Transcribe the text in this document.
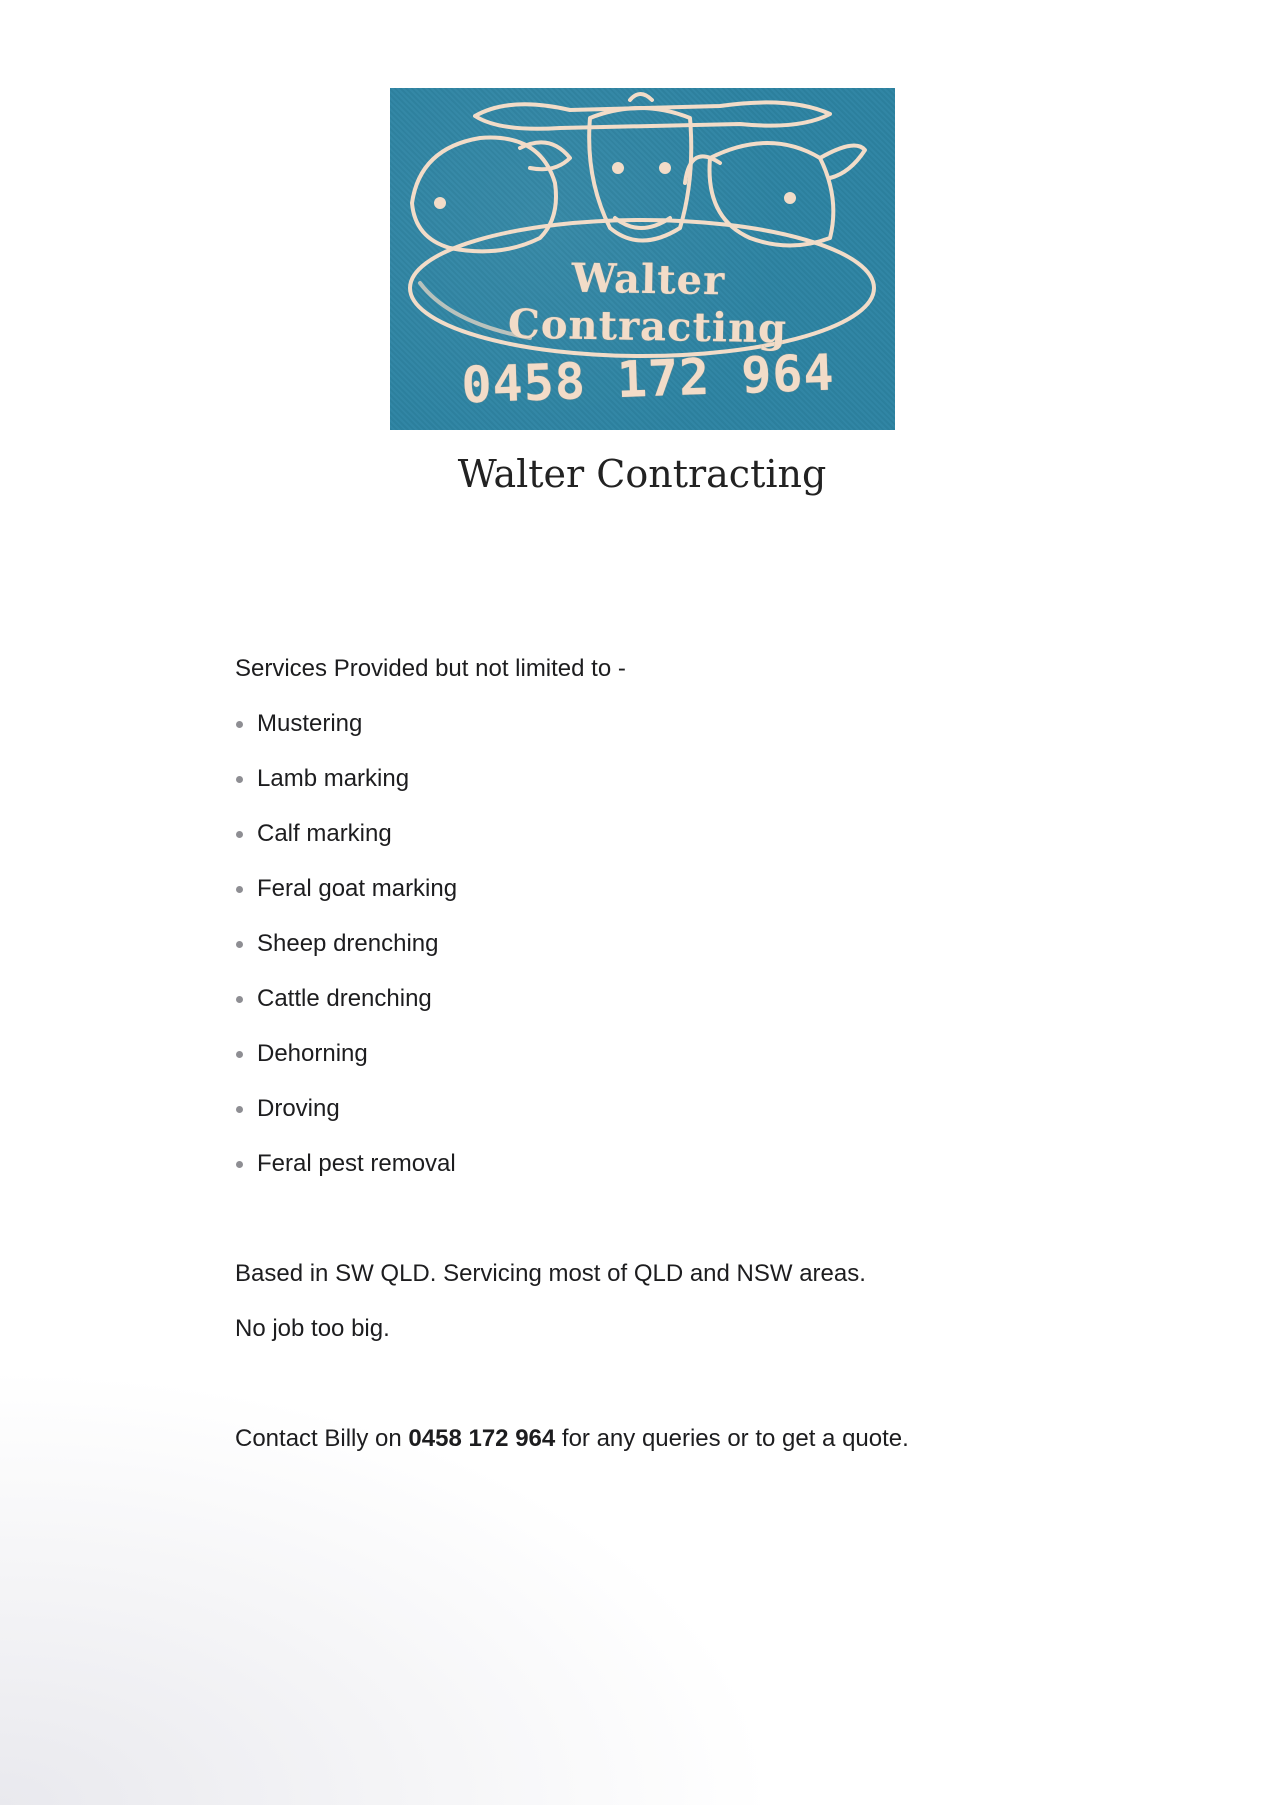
Walter Contracting
0458 172 964
Walter Contracting

Services Provided but not limited to -

Mustering
Lamb marking
Calf marking
Feral goat marking
Sheep drenching
Cattle drenching
Dehorning
Droving
Feral pest removal

Based in SW QLD. Servicing most of QLD and NSW areas.

No job too big.

Contact Billy on 0458 172 964 for any queries or to get a quote.
